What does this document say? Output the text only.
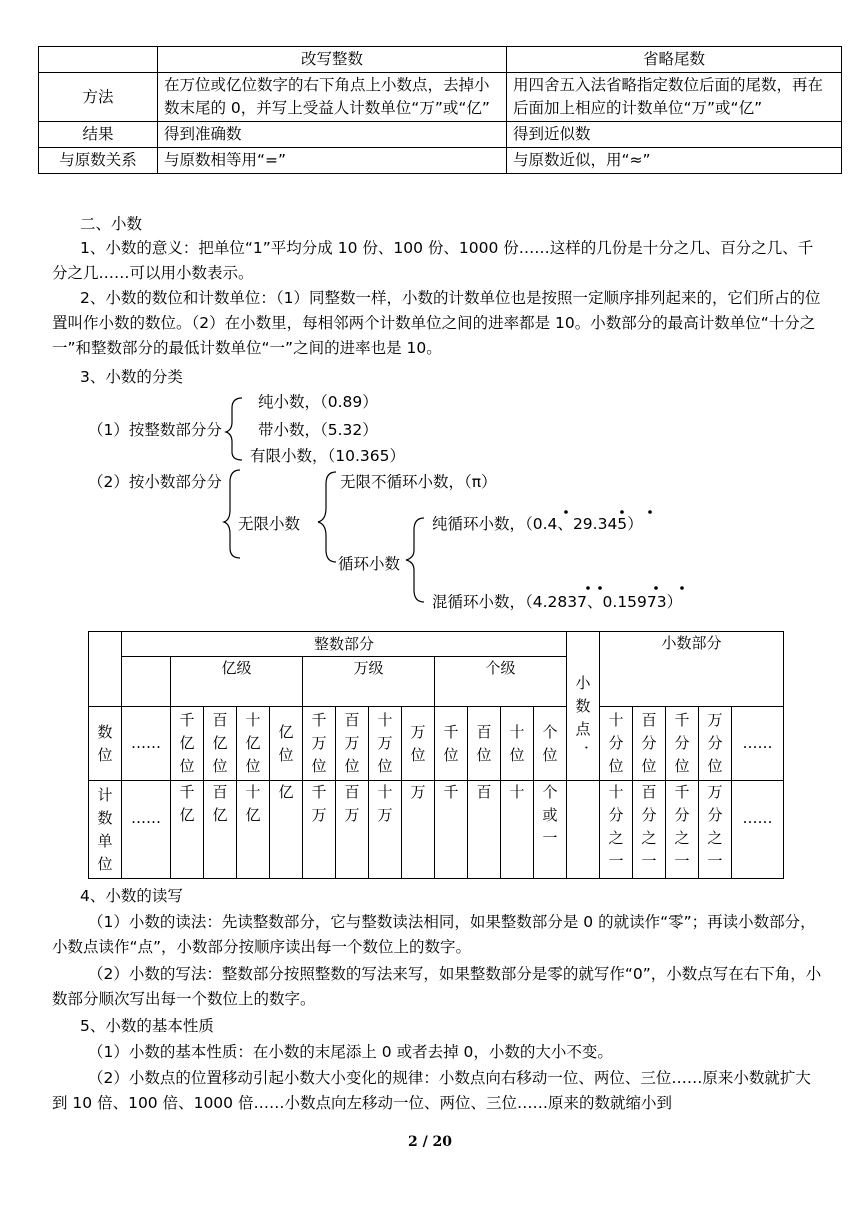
	改写整数	省略尾数
方法	在万位或亿位数字的右下角点上小数点，去掉小数末尾的 0，并写上受益人计数单位“万”或“亿”	用四舍五入法省略指定数位后面的尾数，再在后面加上相应的计数单位“万”或“亿”
结果	得到准确数	得到近似数
与原数关系	与原数相等用“=”	与原数近似，用“≈”
二、小数
1、小数的意义：把单位“1”平均分成 10 份、100 份、1000 份……这样的几份是十分之几、百分之几、千分之几……可以用小数表示。
2、小数的数位和计数单位：（1）同整数一样，小数的计数单位也是按照一定顺序排列起来的，它们所占的位置叫作小数的数位。（2）在小数里，每相邻两个计数单位之间的进率都是 10。小数部分的最高计数单位“十分之一”和整数部分的最低计数单位“一”之间的进率也是 10。
3、小数的分类
纯小数，（0.89）
（1）按整数部分分 带小数，（5.32）
有限小数，（10.365）
（2）按小数部分分	无限不循环小数，（π）
无限小数	纯循环小数，（0.4、29.345）
循环小数
混循环小数，（4.2837、0.15973）
	整数部分													小数点	小数部分				
		亿级				万级				个级									
数位	……	千亿位	百亿位	十亿位	亿位	千万位	百万位	十万位	万位	千位	百位	十位	个位		十分位	百分位	千分位	万分位	……
计数单位	……	千亿	百亿	十亿	亿	千万	百万	十万	万	千	百	十	个或一		十分之一	百分之一	千分之一	万分之一	……
．
4、小数的读写
（1）小数的读法：先读整数部分，它与整数读法相同，如果整数部分是 0 的就读作“零”；再读小数部分，小数点读作“点”，小数部分按顺序读出每一个数位上的数字。
（2）小数的写法：整数部分按照整数的写法来写，如果整数部分是零的就写作“0”，小数点写在右下角，小数部分顺次写出每一个数位上的数字。
5、小数的基本性质
（1）小数的基本性质：在小数的末尾添上 0 或者去掉 0，小数的大小不变。
（2）小数点的位置移动引起小数大小变化的规律：小数点向右移动一位、两位、三位……原来小数就扩大到 10 倍、100 倍、1000 倍……小数点向左移动一位、两位、三位……原来的数就缩小到
2 / 20
